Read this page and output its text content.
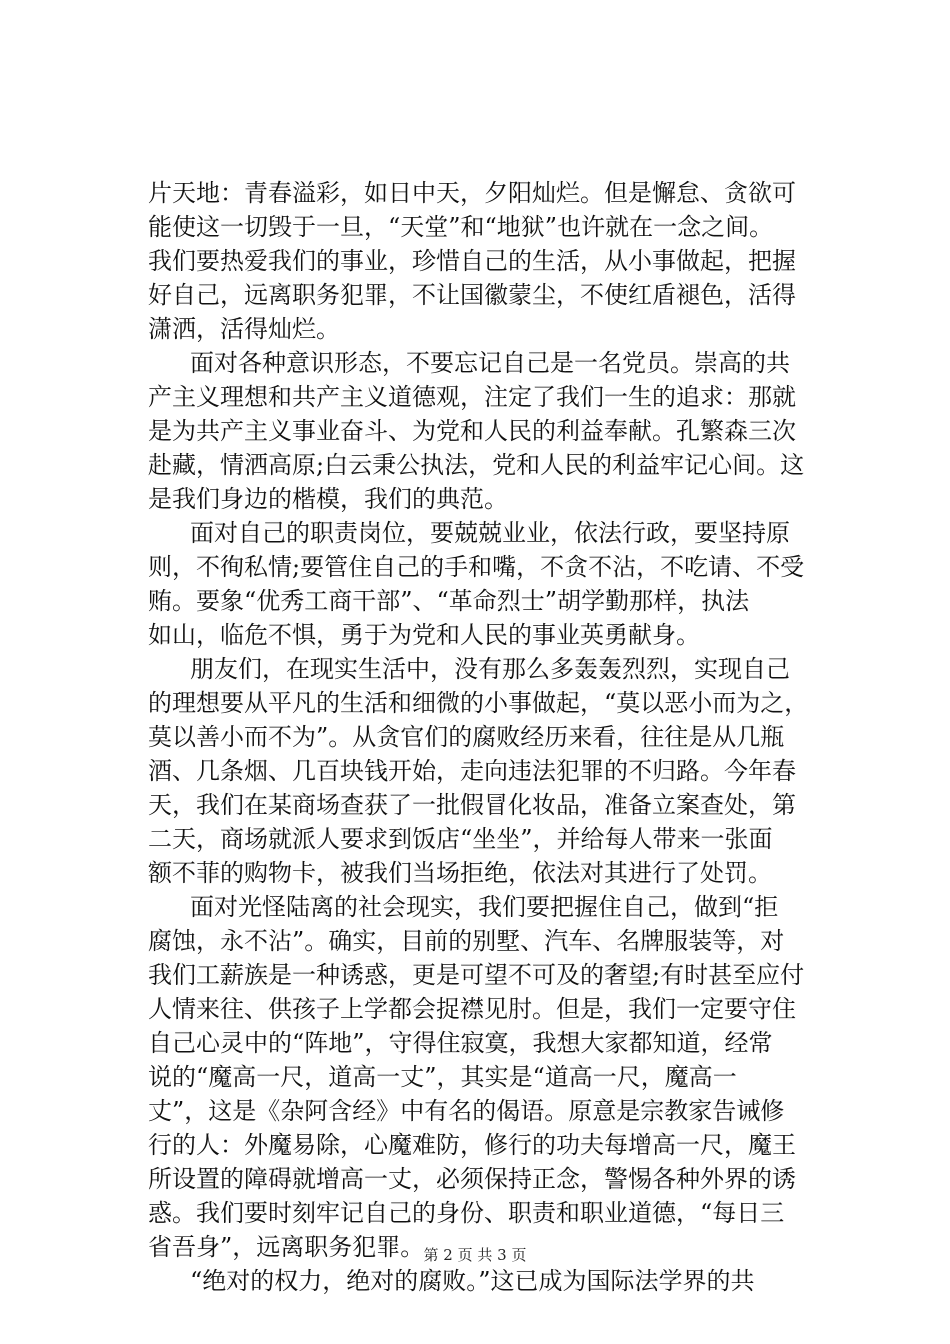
片天地：青春溢彩，如日中天，夕阳灿烂。但是懈怠、贪欲可
能使这一切毁于一旦，“天堂”和“地狱”也许就在一念之间。
我们要热爱我们的事业，珍惜自己的生活，从小事做起，把握
好自己，远离职务犯罪，不让国徽蒙尘，不使红盾褪色，活得
潇洒，活得灿烂。
面对各种意识形态，不要忘记自己是一名党员。崇高的共
产主义理想和共产主义道德观，注定了我们一生的追求：那就
是为共产主义事业奋斗、为党和人民的利益奉献。孔繁森三次
赴藏，情洒高原;白云秉公执法，党和人民的利益牢记心间。这
是我们身边的楷模，我们的典范。
面对自己的职责岗位，要兢兢业业，依法行政，要坚持原
则，不徇私情;要管住自己的手和嘴，不贪不沾，不吃请、不受
贿。要象“优秀工商干部”、“革命烈士”胡学勤那样，执法
如山，临危不惧，勇于为党和人民的事业英勇献身。
朋友们，在现实生活中，没有那么多轰轰烈烈，实现自己
的理想要从平凡的生活和细微的小事做起，“莫以恶小而为之，
莫以善小而不为”。从贪官们的腐败经历来看，往往是从几瓶
酒、几条烟、几百块钱开始，走向违法犯罪的不归路。今年春
天，我们在某商场查获了一批假冒化妆品，准备立案查处，第
二天，商场就派人要求到饭店“坐坐”，并给每人带来一张面
额不菲的购物卡，被我们当场拒绝，依法对其进行了处罚。
面对光怪陆离的社会现实，我们要把握住自己，做到“拒
腐蚀，永不沾”。确实，目前的别墅、汽车、名牌服装等，对
我们工薪族是一种诱惑，更是可望不可及的奢望;有时甚至应付
人情来往、供孩子上学都会捉襟见肘。但是，我们一定要守住
自己心灵中的“阵地”，守得住寂寞，我想大家都知道，经常
说的“魔高一尺，道高一丈”，其实是“道高一尺，魔高一
丈”，这是《杂阿含经》中有名的偈语。原意是宗教家告诫修
行的人：外魔易除，心魔难防，修行的功夫每增高一尺，魔王
所设置的障碍就增高一丈，必须保持正念，警惕各种外界的诱
惑。我们要时刻牢记自己的身份、职责和职业道德，“每日三
省吾身”，远离职务犯罪。
“绝对的权力，绝对的腐败。”这已成为国际法学界的共
第 2 页 共 3 页
